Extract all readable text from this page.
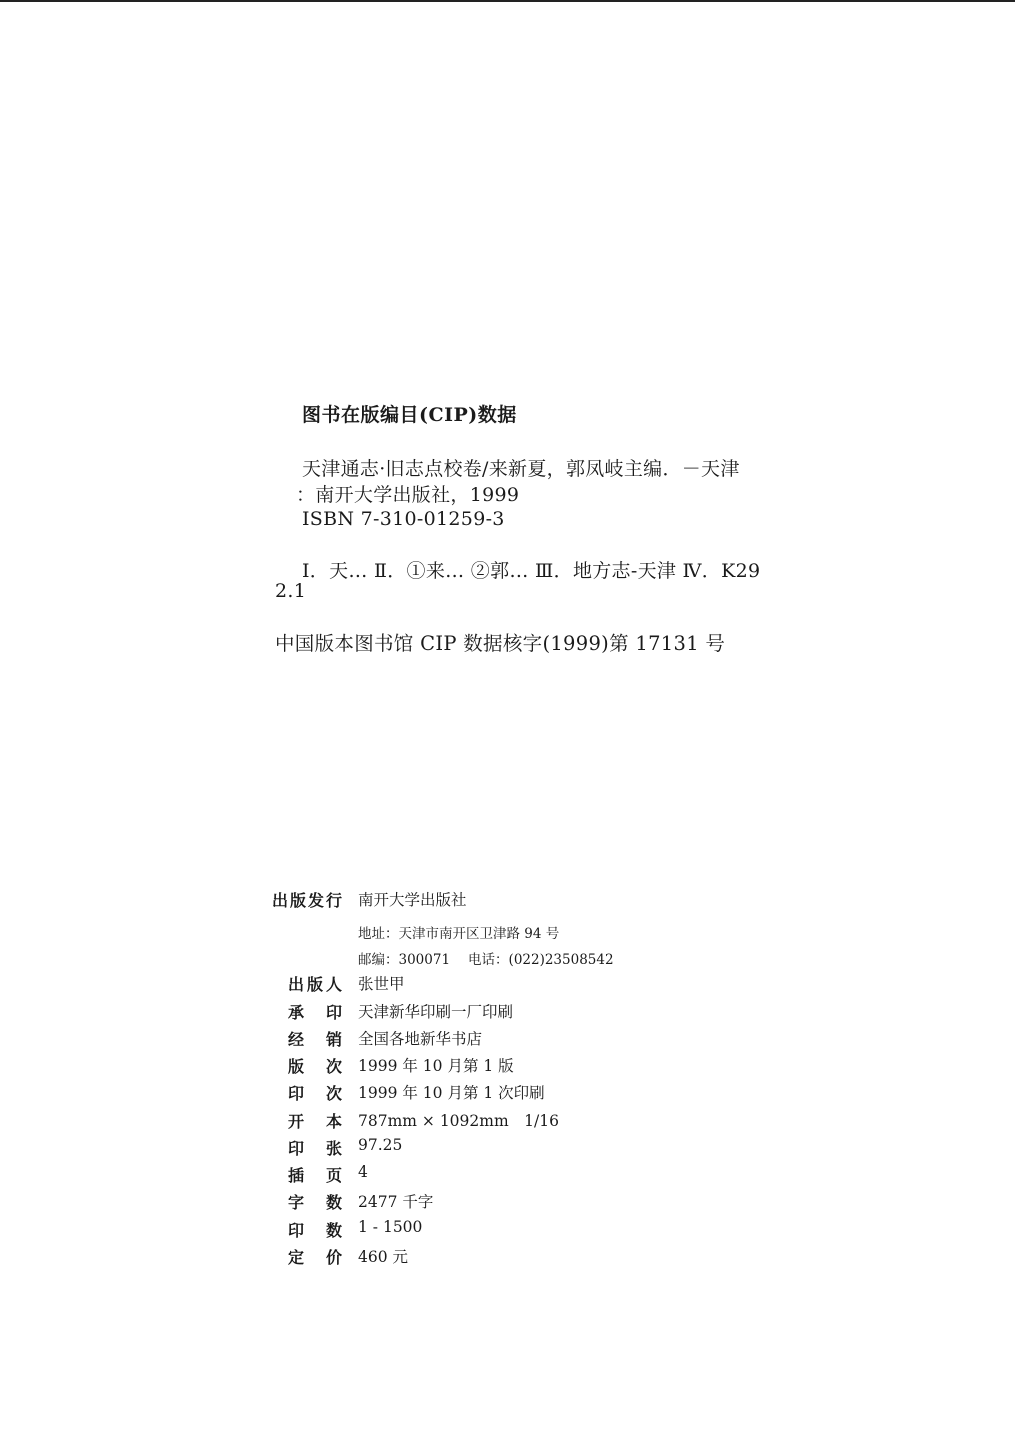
图书在版编目(CIP)数据
天津通志·旧志点校卷/来新夏，郭凤岐主编．－天津
：南开大学出版社，1999
ISBN 7-310-01259-3
Ⅰ．天… Ⅱ．①来… ②郭… Ⅲ．地方志-天津 Ⅳ．K29
2.1
中国版本图书馆 CIP 数据核字(1999)第 17131 号
出版发行 南开大学出版社
地址：天津市南开区卫津路 94 号
邮编：300071 电话：(022)23508542
出版人 张世甲
承　印 天津新华印刷一厂印刷
经　销 全国各地新华书店
版　次 1999 年 10 月第 1 版
印　次 1999 年 10 月第 1 次印刷
开　本 787mm × 1092mm　1/16
印　张 97.25
插　页 4
字　数 2477 千字
印　数 1 - 1500
定　价 460 元
